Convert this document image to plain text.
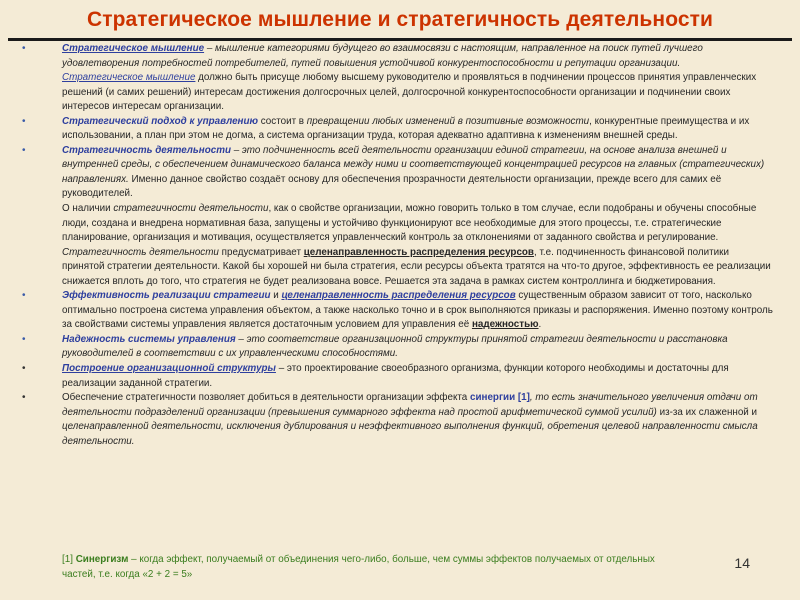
Стратегическое мышление и стратегичность деятельности
•	Стратегическое мышление – мышление категориями будущего во взаимосвязи с настоящим, направленное на поиск путей лучшего удовлетворения потребностей потребителей, путей повышения устойчивой конкурентоспособности и репутации организации.
Стратегическое мышление должно быть присуще любому высшему руководителю и проявляться в подчинении процессов принятия управленческих решений (и самих решений) интересам достижения долгосрочных целей, долгосрочной конкурентоспособности организации и подчинении своих интересов интересам организации.
•	Стратегический подход к управлению состоит в превращении любых изменений в позитивные возможности, конкурентные преимущества и их использовании, а план при этом не догма, а система организации труда, которая адекватно адаптивна к изменениям внешней среды.
•	Стратегичность деятельности – это подчиненность всей деятельности организации единой стратегии, на основе анализа внешней и внутренней среды, с обеспечением динамического баланса между ними и соответствующей концентрацией ресурсов на главных (стратегических) направлениях. Именно данное свойство создаёт основу для обеспечения прозрачности деятельности организации, прежде всего для самих её руководителей.
О наличии стратегичности деятельности, как о свойстве организации, можно говорить только в том случае, если подобраны и обучены способные люди, создана и внедрена нормативная база, запущены и устойчиво функционируют все необходимые для этого процессы, т.е. стратегические планирование, организация и мотивация, осуществляется управленческий контроль за отклонениями от заданного свойства и регулирование.
Стратегичность деятельности предусматривает целенаправленность распределения ресурсов, т.е. подчиненность финансовой политики принятой стратегии деятельности. Какой бы хорошей ни была стратегия, если ресурсы объекта тратятся на что-то другое, эффективность ее реализации снижается вплоть до того, что стратегия не будет реализована вовсе. Решается эта задача в рамках систем контроллинга и бюджетирования.
•	Эффективность реализации стратегии и целенаправленность распределения ресурсов существенным образом зависит от того, насколько оптимально построена система управления объектом, а также насколько точно и в срок выполняются приказы и распоряжения. Именно поэтому контроль за свойствами системы управления является достаточным условием для управления её надежностью.
•	Надежность системы управления – это соответствие организационной структуры принятой стратегии деятельности и расстановка руководителей в соответствии с их управленческими способностями.
•	Построение организационной структуры – это проектирование своеобразного организма, функции которого необходимы и достаточны для реализации заданной стратегии.
•	Обеспечение стратегичности позволяет добиться в деятельности организации эффекта синергии [1], то есть значительного увеличения отдачи от деятельности подразделений организации (превышения суммарного эффекта над простой арифметической суммой усилий) из-за их слаженной и целенаправленной деятельности, исключения дублирования и неэффективного выполнения функций, обретения целевой направленности смысла деятельности.
[1] Синергизм – когда эффект, получаемый от объединения чего-либо, больше, чем суммы эффектов получаемых от отдельных частей, т.е. когда «2 + 2 = 5»
14
